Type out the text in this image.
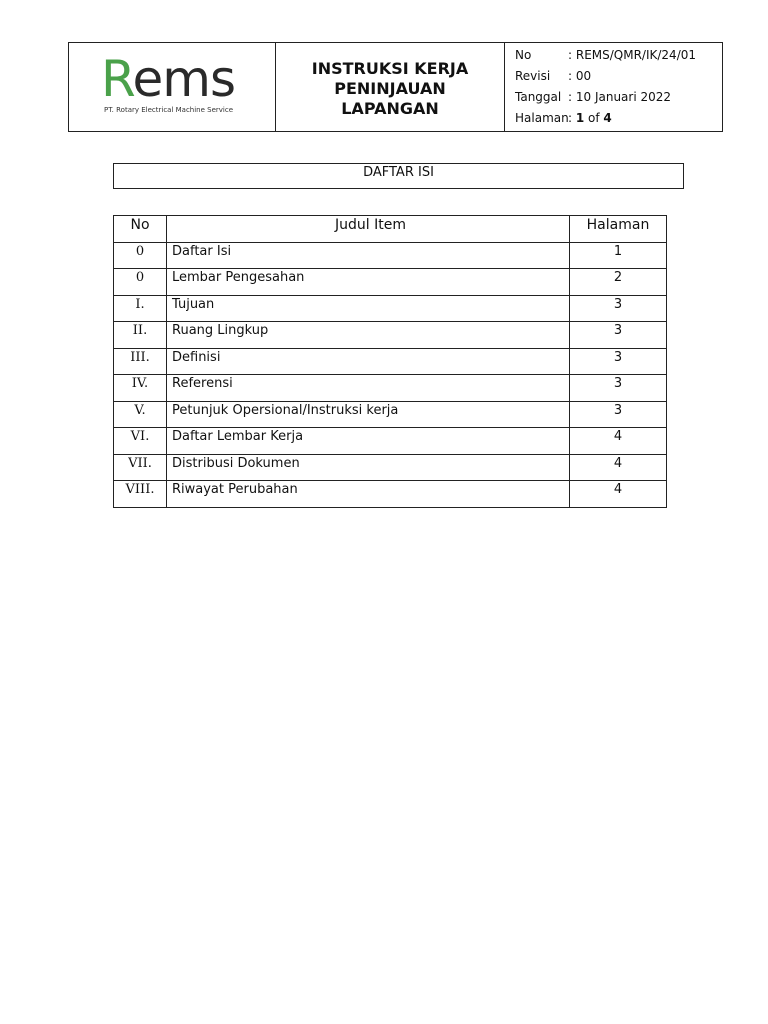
Rems
PT. Rotary Electrical Machine Service
INSTRUKSI KERJA
PENINJAUAN
LAPANGAN
No	: REMS/QMR/IK/24/01
Revisi	: 00
Tanggal : 10 Januari 2022
Halaman : 1 of 4
DAFTAR ISI
No	Judul Item	Halaman
0	Daftar Isi	1
0	Lembar Pengesahan	2
I.	Tujuan	3
II.	Ruang Lingkup	3
III.	Definisi	3
IV.	Referensi	3
V.	Petunjuk Opersional/Instruksi kerja	3
VI.	Daftar Lembar Kerja	4
VII.	Distribusi Dokumen	4
VIII.	Riwayat Perubahan	4
